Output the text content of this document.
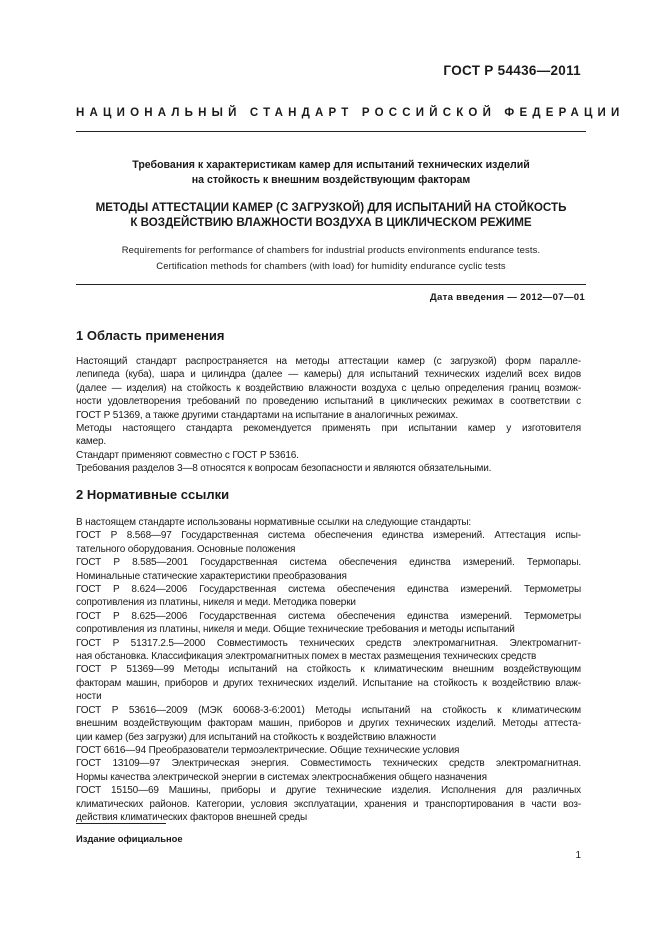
ГОСТ Р 54436—2011
НАЦИОНАЛЬНЫЙ СТАНДАРТ РОССИЙСКОЙ ФЕДЕРАЦИИ
Требования к характеристикам камер для испытаний технических изделий
на стойкость к внешним воздействующим факторам
МЕТОДЫ АТТЕСТАЦИИ КАМЕР (С ЗАГРУЗКОЙ) ДЛЯ ИСПЫТАНИЙ НА СТОЙКОСТЬ
К ВОЗДЕЙСТВИЮ ВЛАЖНОСТИ ВОЗДУХА В ЦИКЛИЧЕСКОМ РЕЖИМЕ
Requirements for performance of chambers for industrial products environments endurance tests.
Certification methods for chambers (with load) for humidity endurance cyclic tests
Дата введения — 2012—07—01
1 Область применения
Настоящий стандарт распространяется на методы аттестации камер (с загрузкой) форм паралле-
лепипеда (куба), шара и цилиндра (далее — камеры) для испытаний технических изделий всех видов
(далее — изделия) на стойкость к воздействию влажности воздуха с целью определения границ возмож-
ности удовлетворения требований по проведению испытаний в циклических режимах в соответствии с
ГОСТ Р 51369, а также другими стандартами на испытание в аналогичных режимах.
Методы настоящего стандарта рекомендуется применять при испытании камер у изготовителя
камер.
Стандарт применяют совместно с ГОСТ Р 53616.
Требования разделов 3—8 относятся к вопросам безопасности и являются обязательными.
2 Нормативные ссылки
В настоящем стандарте использованы нормативные ссылки на следующие стандарты:
ГОСТ Р 8.568—97 Государственная система обеспечения единства измерений. Аттестация испы-
тательного оборудования. Основные положения
ГОСТ Р 8.585—2001 Государственная система обеспечения единства измерений. Термопары.
Номинальные статические характеристики преобразования
ГОСТ Р 8.624—2006 Государственная система обеспечения единства измерений. Термометры
сопротивления из платины, никеля и меди. Методика поверки
ГОСТ Р 8.625—2006 Государственная система обеспечения единства измерений. Термометры
сопротивления из платины, никеля и меди. Общие технические требования и методы испытаний
ГОСТ Р 51317.2.5—2000 Совместимость технических средств электромагнитная. Электромагнит-
ная обстановка. Классификация электромагнитных помех в местах размещения технических средств
ГОСТ Р 51369—99 Методы испытаний на стойкость к климатическим внешним воздействующим
факторам машин, приборов и других технических изделий. Испытание на стойкость к воздействию влаж-
ности
ГОСТ Р 53616—2009 (МЭК 60068-3-6:2001) Методы испытаний на стойкость к климатическим
внешним воздействующим факторам машин, приборов и других технических изделий. Методы аттеста-
ции камер (без загрузки) для испытаний на стойкость к воздействию влажности
ГОСТ 6616—94 Преобразователи термоэлектрические. Общие технические условия
ГОСТ 13109—97 Электрическая энергия. Совместимость технических средств электромагнитная.
Нормы качества электрической энергии в системах электроснабжения общего назначения
ГОСТ 15150—69 Машины, приборы и другие технические изделия. Исполнения для различных
климатических районов. Категории, условия эксплуатации, хранения и транспортирования в части воз-
действия климатических факторов внешней среды
Издание официальное
1
